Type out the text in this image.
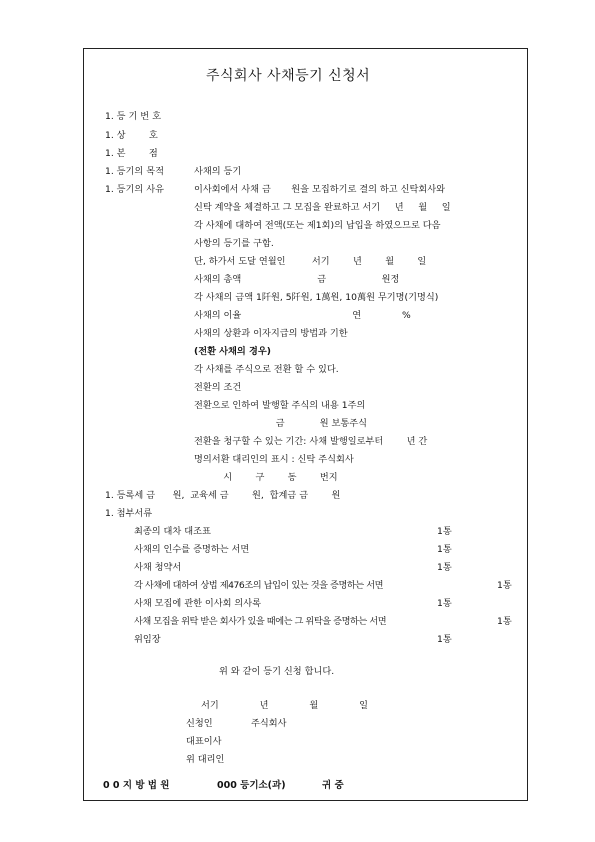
주식회사 사채등기 신청서
1. 등 기 번 호
1. 상        호
1. 본        점
1. 등기의 목적	사채의 등기
1. 등기의 사유	이사회에서 사채 금       원을 모집하기로 결의 하고 신탁회사와
신탁 계약을 체결하고 그 모집을 완료하고 서기     년     월     일
각 사채에 대하여 전액(또는 제1회)의 납입을 하였으므로 다음
사항의 등기를 구함.
단, 하가서 도달 연월인         서기        년        월        일
사채의 총액                          금                   원정
각 사채의 금액 1阡원, 5阡원, 1萬원, 10萬원 무기명(기명식)
사채의 이율                                      연              %
사채의 상환과 이자지급의 방법과 기한
(전환 사채의 경우)
각 사채를 주식으로 전환 할 수 있다.
전환의 조건
전환으로 인하여 발행할 주식의 내용 1주의
금            원 보통주식
전환을 청구할 수 있는 기간: 사채 발행일로부터        년 간
명의서환 대리인의 표시 : 신탁 주식회사
시        구        동        번지
1. 등록세 금      원,  교육세 금        원,  합계금 금        원
1. 첨부서류
최종의 대차 대조표	1통
사채의 인수를 증명하는 서면	1통
사채 청약서	1통
각 사채에 대하여 상법 제476조의 납입이 있는 것을 증명하는 서면	1통
사채 모집에 관한 이사회 의사록	1통
사채 모집을 위탁 받은 회사가 있을 때에는 그 위탁을 증명하는 서면	1통
위임장	1통
위 와 같이 등기 신청 합니다.
서기              년              월              일
신청인	주식회사
대표이사
위 대리인
0 0 지 방 법 원	000 등기소(과)	귀 중
